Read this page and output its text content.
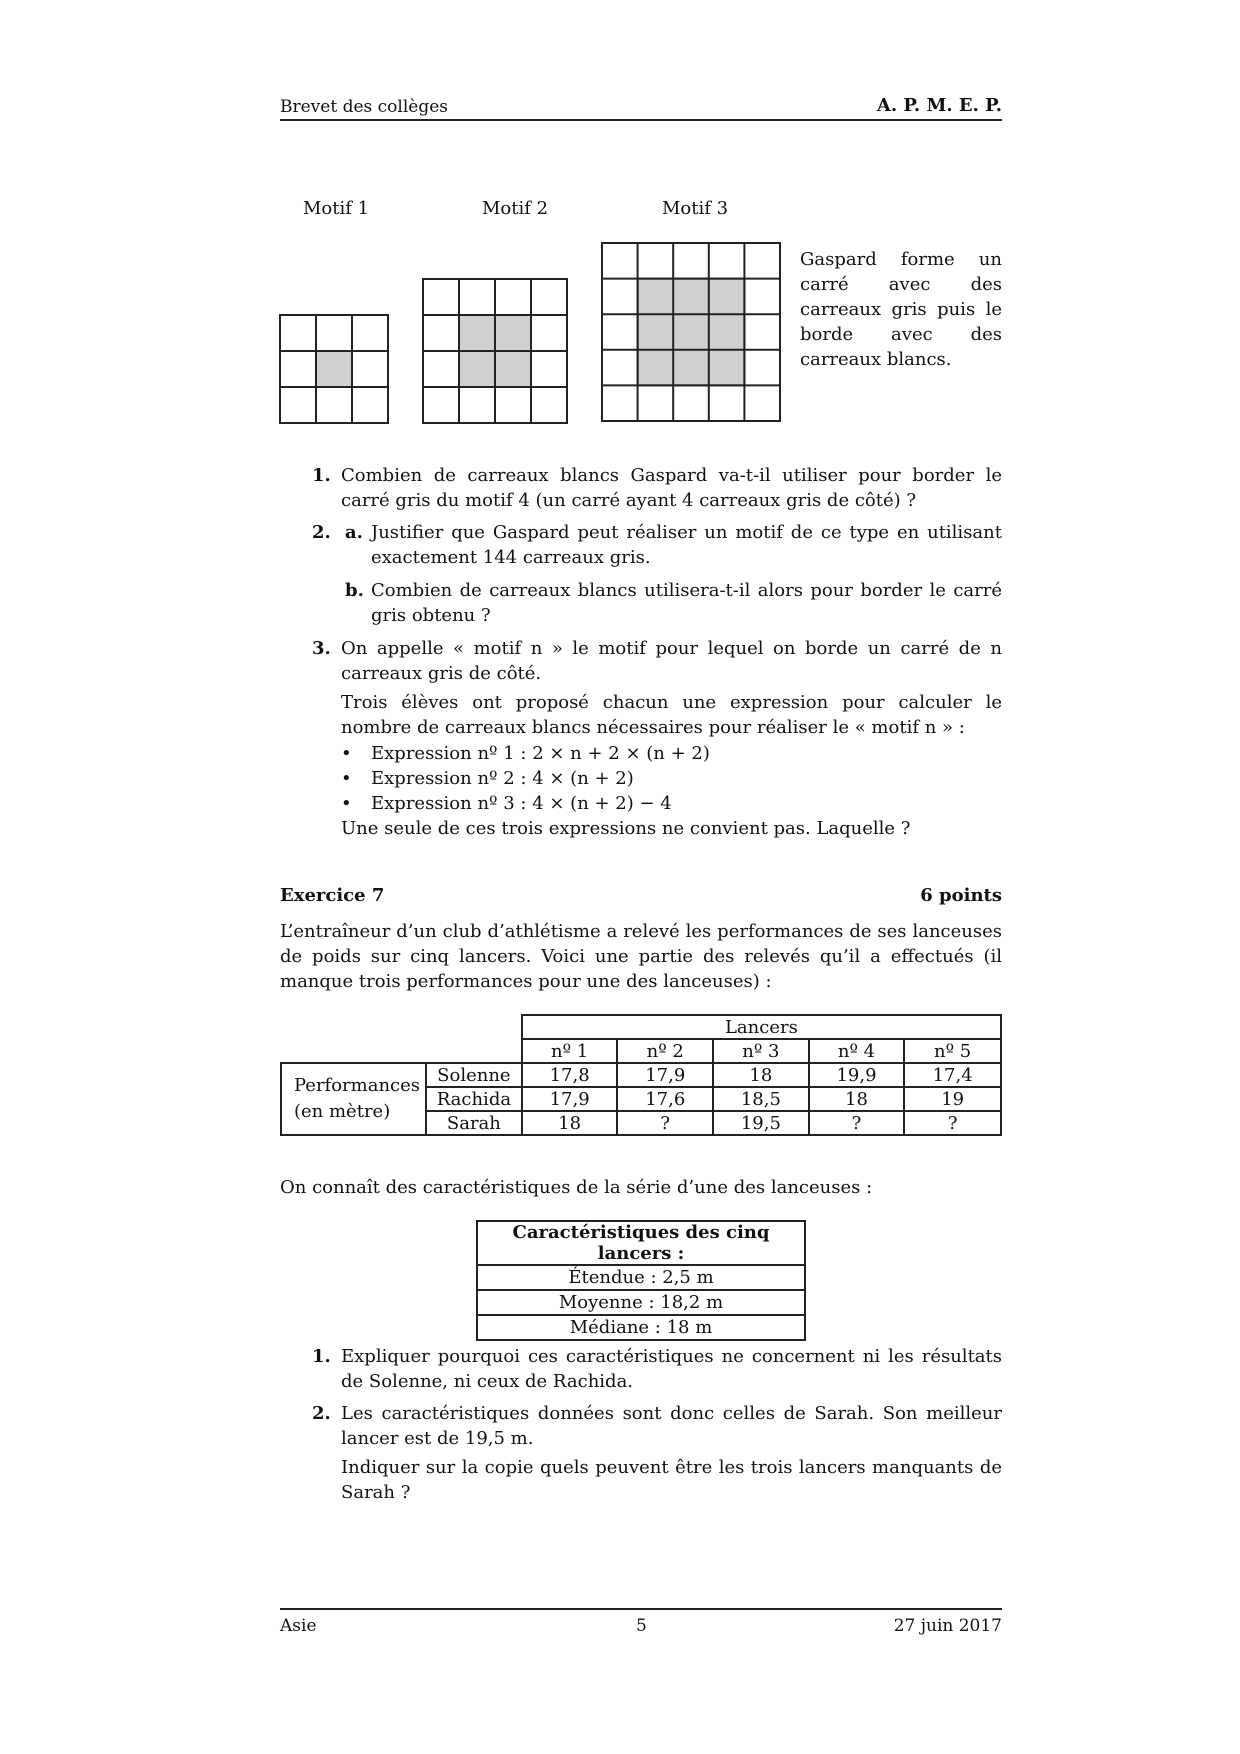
Brevet des collèges	A. P. M. E. P.
Motif 1	Motif 2	Motif 3
Gaspard forme un carré avec des carreaux gris puis le borde avec des carreaux blancs.
1. Combien de carreaux blancs Gaspard va-t-il utiliser pour border le carré gris du motif 4 (un carré ayant 4 carreaux gris de côté) ?
2. a. Justifier que Gaspard peut réaliser un motif de ce type en utilisant exactement 144 carreaux gris.
b. Combien de carreaux blancs utilisera-t-il alors pour border le carré gris obtenu ?
3. On appelle « motif n » le motif pour lequel on borde un carré de n carreaux gris de côté.
Trois élèves ont proposé chacun une expression pour calculer le nombre de carreaux blancs nécessaires pour réaliser le « motif n » :
• Expression nº 1 : 2 × n + 2 × (n + 2)
• Expression nº 2 : 4 × (n + 2)
• Expression nº 3 : 4 × (n + 2) − 4
Une seule de ces trois expressions ne convient pas. Laquelle ?
Exercice 7	6 points
L’entraîneur d’un club d’athlétisme a relevé les performances de ses lanceuses de poids sur cinq lancers. Voici une partie des relevés qu’il a effectués (il manque trois performances pour une des lanceuses) :
		Lancers				
		nº 1	nº 2	nº 3	nº 4	nº 5
Performances
(en mètre)	Solenne	17,8	17,9	18	19,9	17,4
	Rachida	17,9	17,6	18,5	18	19
	Sarah	18	?	19,5	?	?
On connaît des caractéristiques de la série d’une des lanceuses :
Caractéristiques des cinq lancers :
Étendue : 2,5 m
Moyenne : 18,2 m
Médiane : 18 m
1. Expliquer pourquoi ces caractéristiques ne concernent ni les résultats de Solenne, ni ceux de Rachida.
2. Les caractéristiques données sont donc celles de Sarah. Son meilleur lancer est de 19,5 m.
Indiquer sur la copie quels peuvent être les trois lancers manquants de Sarah ?
Asie	5	27 juin 2017
